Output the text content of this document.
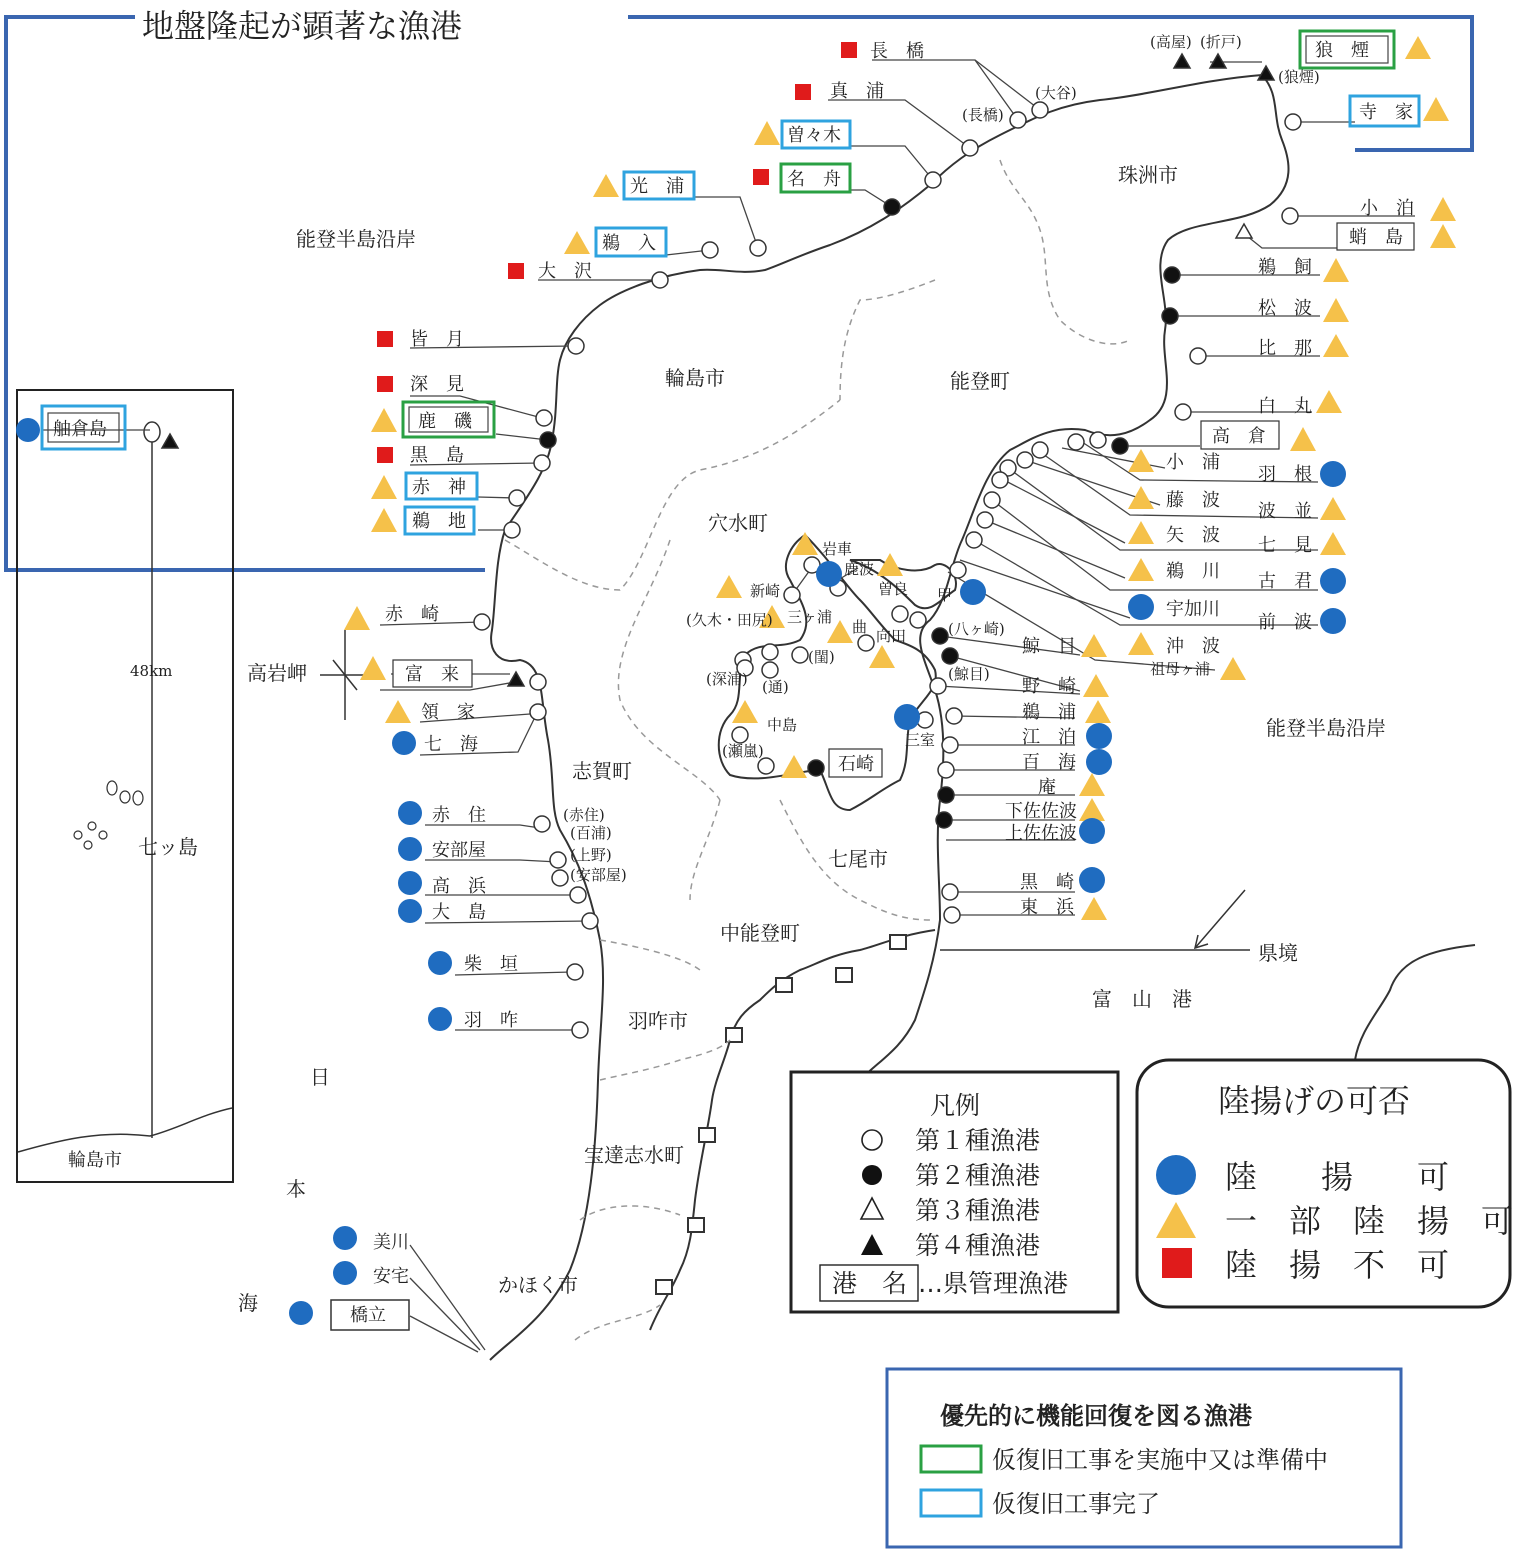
地盤隆起が顕著な漁港
輪島市	能登町
珠洲市
穴水町
志賀町
七尾市
中能登町
羽咋市
宝達志水町
かほく市
能登半島沿岸
能登半島沿岸
富　山　港
日
本
海
高岩岬
県境
48km
七ッ島
輪島市
長　橋
真　浦
曽々木
名　舟
光　浦
鵜　入
大　沢
皆　月
深　見
鹿　磯
黒　島
赤　神
鵜　地
赤　崎
富　来
領　家
七　海
赤　住
安部屋
高　浜
大　島
柴　垣
羽　咋
美川
安宅
橋立
舳倉島
狼　煙
寺　家
小　泊
蛸　島
鵜　飼
松　波
比　那
白　丸
高　倉
小　浦
羽　根
藤　波
波　並
矢　波 七　見
鵜　川 古　君
宇加川
前　波
沖　波
鯨　目
祖母ヶ浦
野　崎
鵜　浦
江　泊
百　海
庵
下佐佐波
上佐佐波
黒　崎
東　浜
岩車
鹿波
曽良 甲
新崎
三ヶ浦
曲 向田
中島
石崎
三室
(高屋) (折戸)
(狼煙)
(大谷)
(長橋)
(久木・田尻)
(閨)
(深浦) (通)
(瀬嵐)
(八ヶ崎)
(鯨目)
(赤住)
(百浦)
(上野)
(安部屋)
凡例
第１種漁港
第２種漁港
第３種漁港
第４種漁港
港　名 …県管理漁港
陸揚げの可否
陸　　揚　　可
一　部　陸　揚　可
陸　揚　不　可
優先的に機能回復を図る漁港
仮復旧工事を実施中又は準備中
仮復旧工事完了
